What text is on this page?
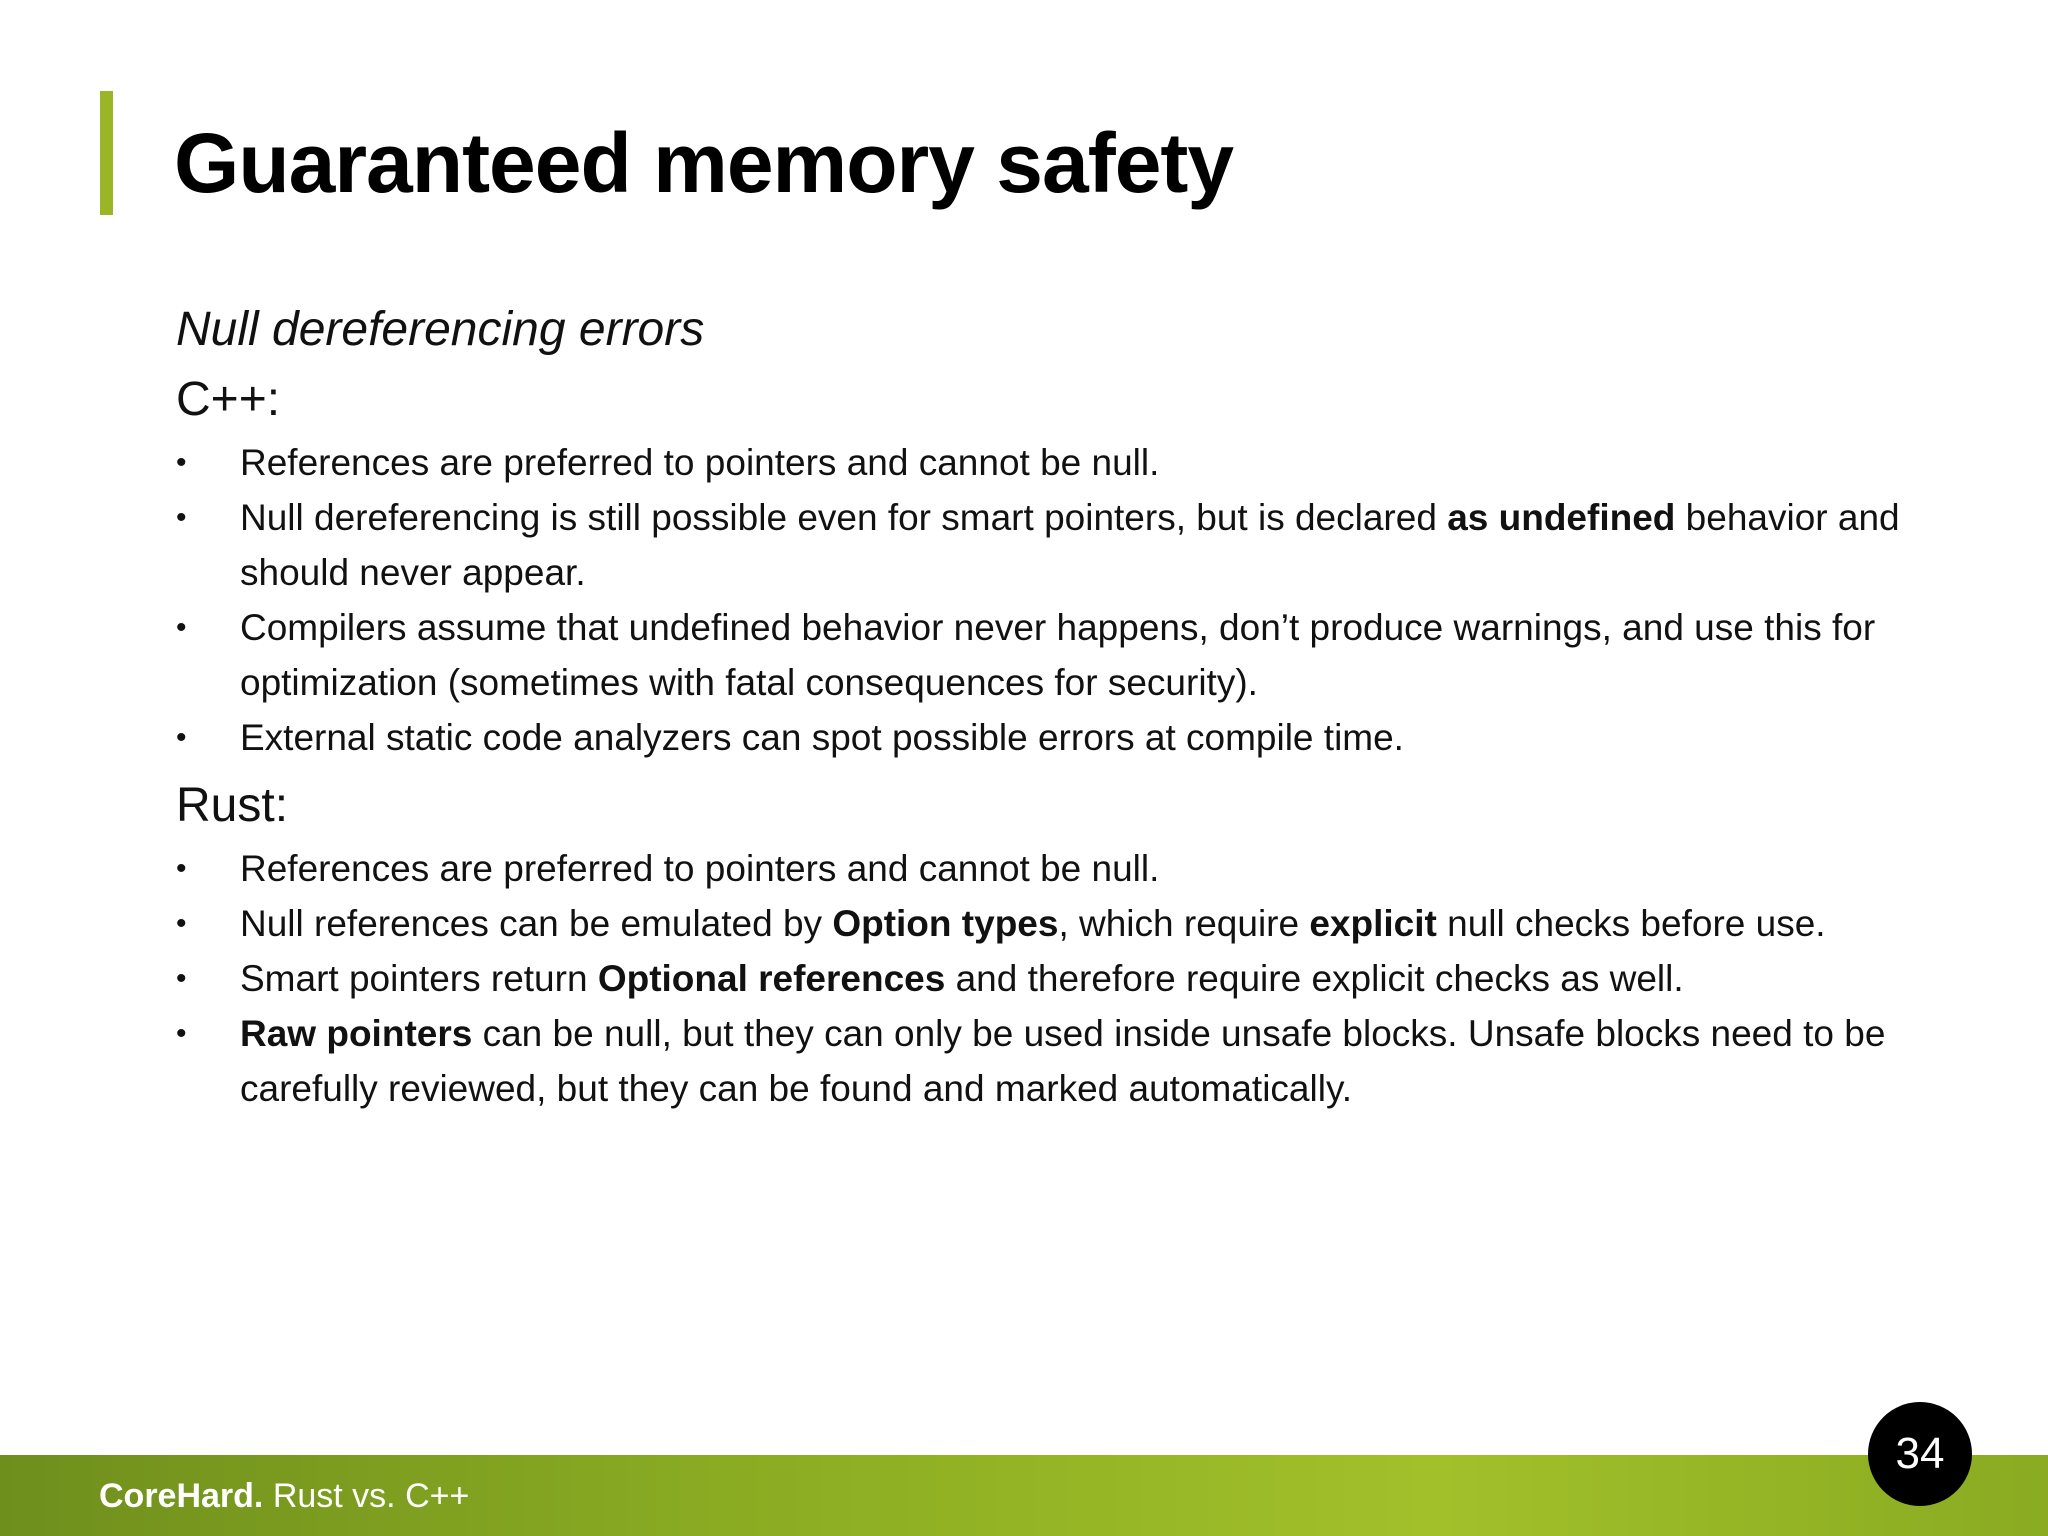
Guaranteed memory safety

Null dereferencing errors

C++:

• References are preferred to pointers and cannot be null.
• Null dereferencing is still possible even for smart pointers, but is declared as undefined behavior and should never appear.
• Compilers assume that undefined behavior never happens, don’t produce warnings, and use this for optimization (sometimes with fatal consequences for security).
• External static code analyzers can spot possible errors at compile time.

Rust:

• References are preferred to pointers and cannot be null.
• Null references can be emulated by Option types, which require explicit null checks before use.
• Smart pointers return Optional references and therefore require explicit checks as well.
• Raw pointers can be null, but they can only be used inside unsafe blocks. Unsafe blocks need to be carefully reviewed, but they can be found and marked automatically.
CoreHard. Rust vs. C++
34
